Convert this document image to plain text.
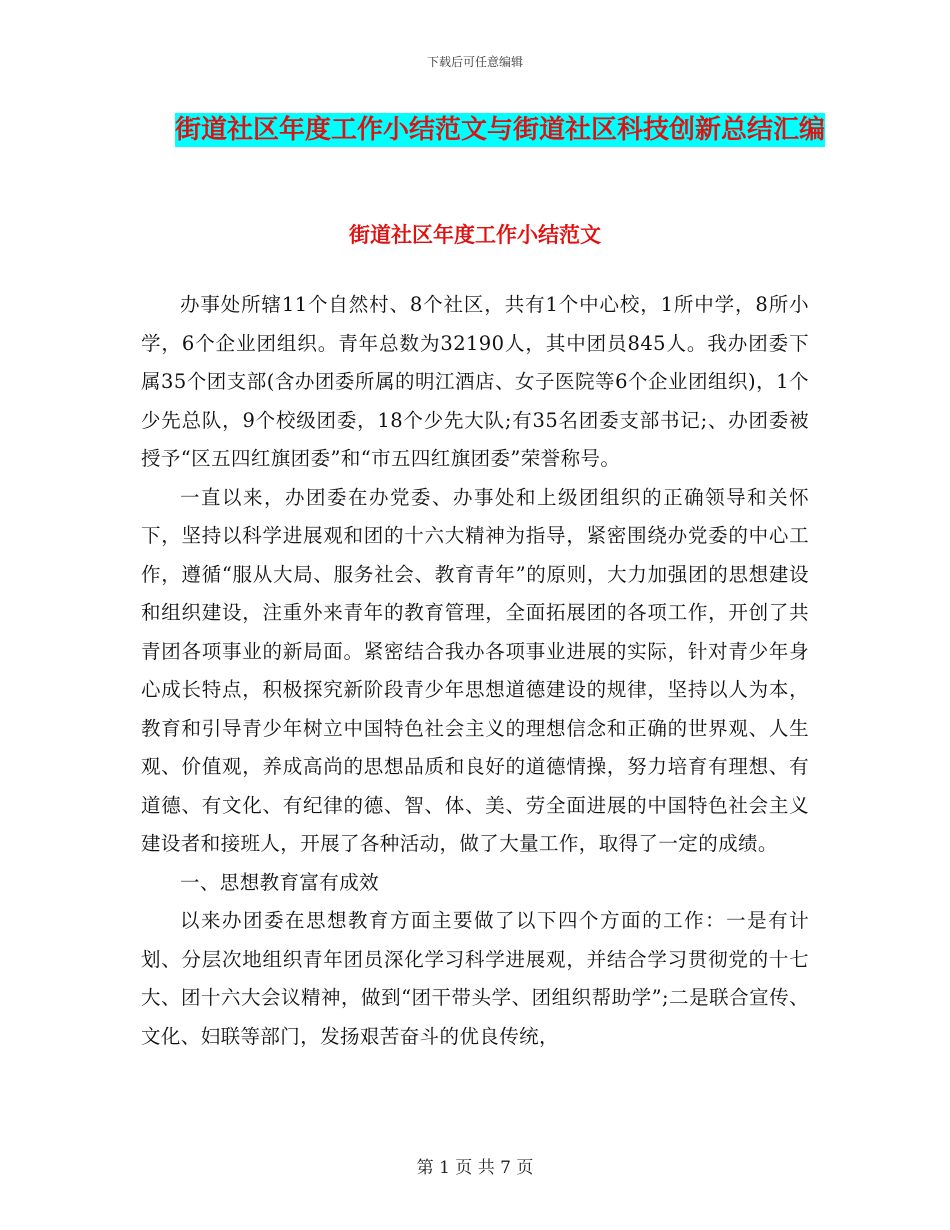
下载后可任意编辑
街道社区年度工作小结范文与街道社区科技创新总结汇编
街道社区年度工作小结范文

办事处所辖11个自然村、8个社区，共有1个中心校，1所中学，8所小学，6个企业团组织。青年总数为32190人，其中团员845人。我办团委下属35个团支部(含办团委所属的明江酒店、女子医院等6个企业团组织)，1个少先总队，9个校级团委，18个少先大队;有35名团委支部书记;、办团委被授予“区五四红旗团委”和“市五四红旗团委”荣誉称号。

一直以来，办团委在办党委、办事处和上级团组织的正确领导和关怀下，坚持以科学进展观和团的十六大精神为指导，紧密围绕办党委的中心工作，遵循“服从大局、服务社会、教育青年”的原则，大力加强团的思想建设和组织建设，注重外来青年的教育管理，全面拓展团的各项工作，开创了共青团各项事业的新局面。紧密结合我办各项事业进展的实际，针对青少年身心成长特点，积极探究新阶段青少年思想道德建设的规律，坚持以人为本，教育和引导青少年树立中国特色社会主义的理想信念和正确的世界观、人生观、价值观，养成高尚的思想品质和良好的道德情操，努力培育有理想、有道德、有文化、有纪律的德、智、体、美、劳全面进展的中国特色社会主义建设者和接班人，开展了各种活动，做了大量工作，取得了一定的成绩。

一、思想教育富有成效

以来办团委在思想教育方面主要做了以下四个方面的工作：一是有计划、分层次地组织青年团员深化学习科学进展观，并结合学习贯彻党的十七大、团十六大会议精神，做到“团干带头学、团组织帮助学”;二是联合宣传、文化、妇联等部门，发扬艰苦奋斗的优良传统，

第 1 页 共 7 页
